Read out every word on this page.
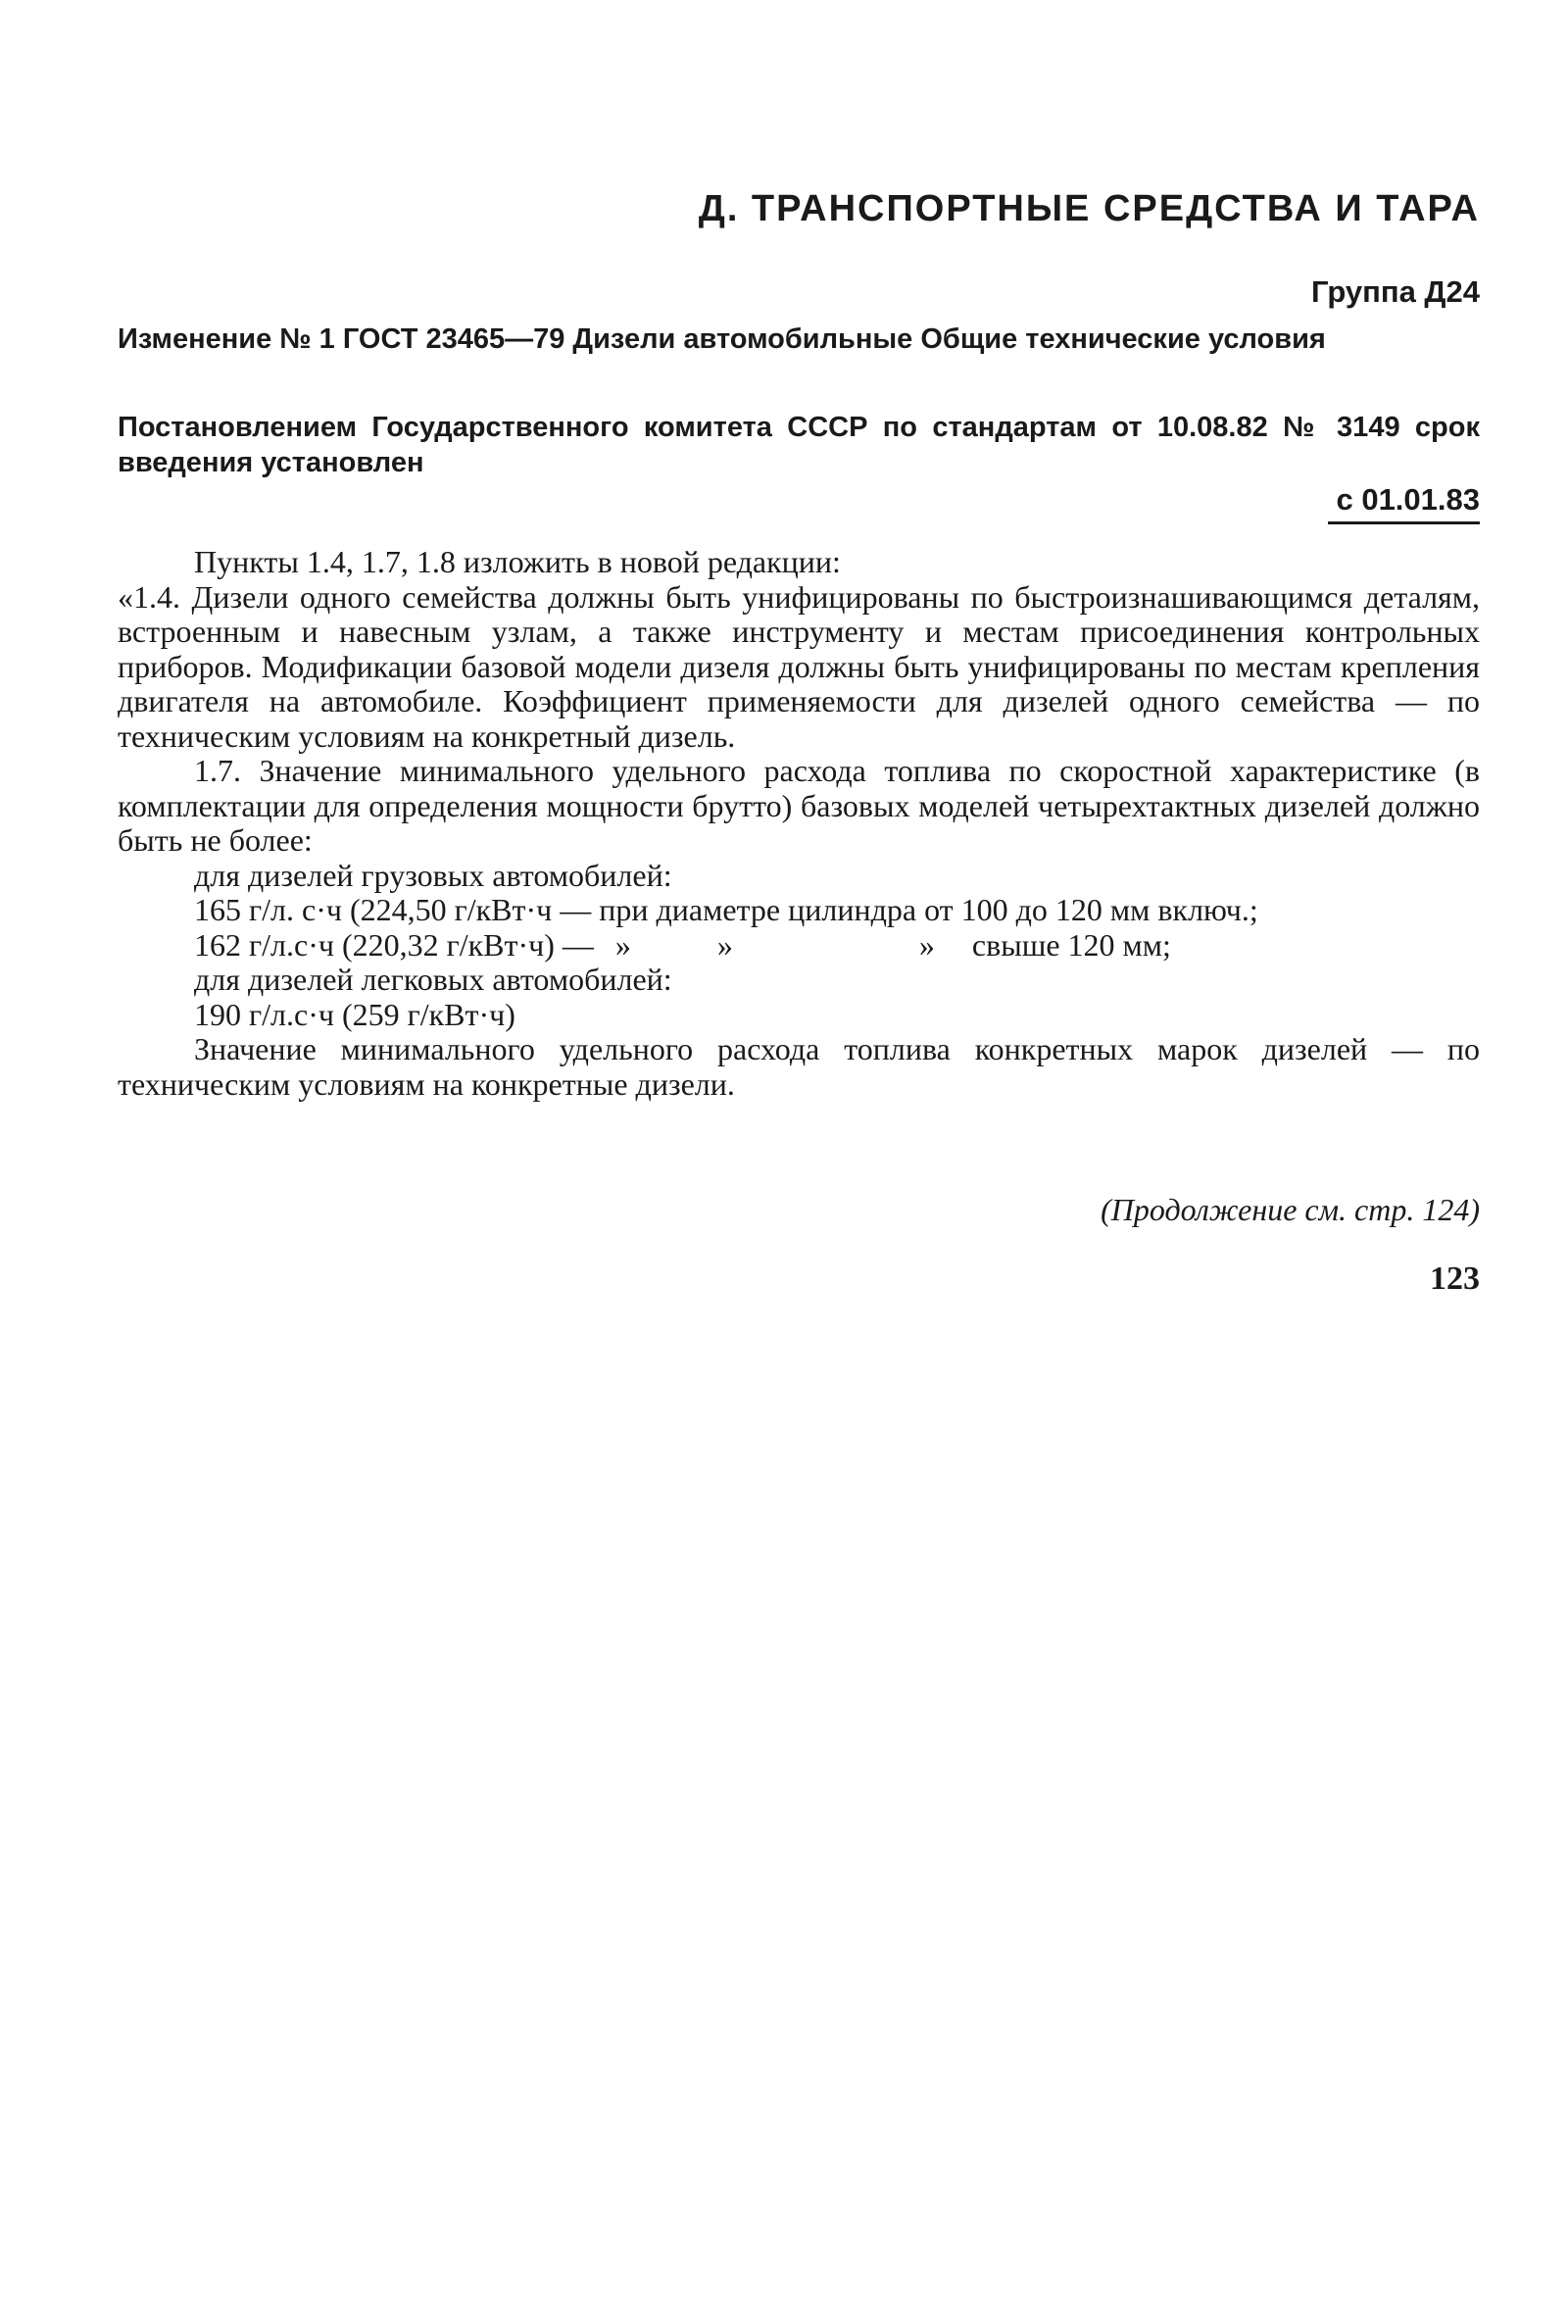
Д. ТРАНСПОРТНЫЕ СРЕДСТВА И ТАРА
Группа Д24
Изменение № 1 ГОСТ 23465—79 Дизели автомобильные Общие технические условия
Постановлением Государственного комитета СССР по стандартам от 10.08.82 № 3149 срок введения установлен
с 01.01.83

Пункты 1.4, 1.7, 1.8 изложить в новой редакции:

«1.4. Дизели одного семейства должны быть унифицированы по быстроизнашивающимся деталям, встроенным и навесным узлам, а также инструменту и местам присоединения контрольных приборов. Модификации базовой модели дизеля должны быть унифицированы по местам крепления двигателя на автомобиле. Коэффициент применяемости для дизелей одного семейства — по техническим условиям на конкретный дизель.

1.7. Значение минимального удельного расхода топлива по скоростной характеристике (в комплектации для определения мощности брутто) базовых моделей четырехтактных дизелей должно быть не более:

для дизелей грузовых автомобилей:

165 г/л. с·ч (224,50 г/кВт·ч — при диаметре цилиндра от 100 до 120 мм включ.;

162 г/л.с·ч (220,32 г/кВт·ч) — »	»	» свыше 120 мм;

для дизелей легковых автомобилей:

190 г/л.с·ч (259 г/кВт·ч)

Значение минимального удельного расхода топлива конкретных марок дизелей — по техническим условиям на конкретные дизели.

(Продолжение см. стр. 124)
123
